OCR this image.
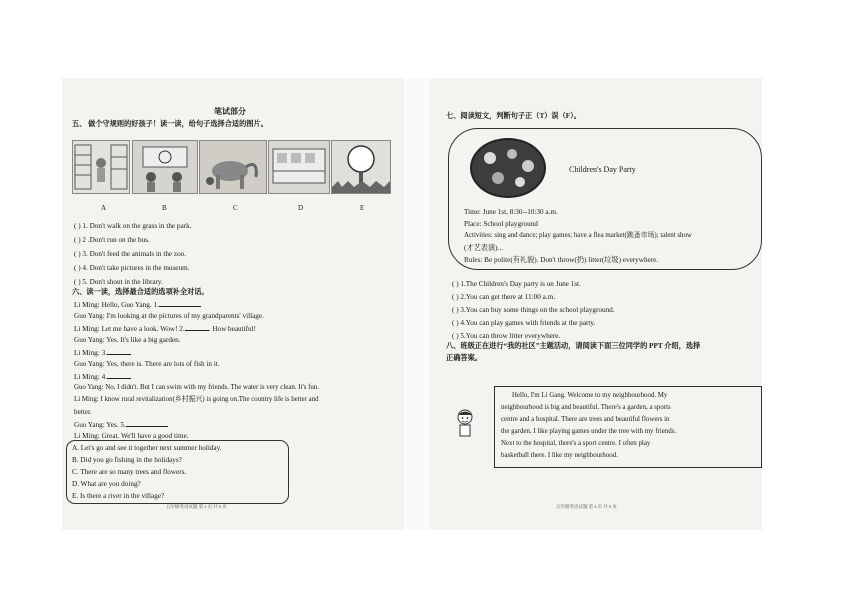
笔试部分
五、 做个守规则的好孩子！读一读，给句子选择合适的图片。
A	B	C	D	E
( ) 1. Don't walk on the grass in the park.
( ) 2 .Don't run on the bus.
( ) 3. Don't feed the animals in the zoo.
( ) 4. Don't take pictures in the museum.
( ) 5. Don't shout in the library.
六、读一读，选择最合适的选项补全对话。
Li Ming: Hello, Guo Yang. 1.
Guo Yang: I'm looking at the pictures of my grandparents' village.
Li Ming: Let me have a look. Wow! 2.	. How beautiful!
Guo Yang: Yes. It's like a big garden.
Li Ming: 3.
Guo Yang: Yes, there is. There are lots of fish in it.
Li Ming: 4.
Guo Yang: No, I didn't. But I can swim with my friends. The water is very clean. It's fun.
Li Ming: I know rural revitalization(乡村振兴) is going on.The country life is better and
better.
Guo Yang: Yes. 5.
Li Ming: Great. We'll have a good time.
A. Let's go and see it together next summer holiday.
B. Did you go fishing in the holidays?
C. There are so many trees and flowers.
D. What are you doing?
E. Is there a river in the village?
五年级英语试题 第 3 页 共 6 页
七、阅读短文，判断句子正（T）误（F）。
Children's Day Party
Time: June 1st, 8:30--10:30 a.m.
Place: School playground
Activities: sing and dance; play games; have a flea market(跳蚤市场); talent show
(才艺表演)...
Rules: Be polite(有礼貌). Don't throw(扔) litter(垃圾) everywhere.
( ) 1.The Children's Day party is on June 1st.
( ) 2.You can get there at 11:00 a.m.
( ) 3.You can buy some things on the school playground.
( ) 4.You can play games with friends at the party.
( ) 5.You can throw litter everywhere.
八、班级正在进行“我的社区”主题活动，请阅读下面三位同学的 PPT 介绍，选择
正确答案。
Hello, I'm Li Gang. Welcome to my neighbourhood. My
neighbourhood is big and beautiful. There's a garden, a sports
centre and a hospital. There are trees and beautiful flowers in
the garden. I like playing games under the tree with my friends.
Next to the hospital, there's a sport centre. I often play
basketball there. I like my neighbourhood.
五年级英语试题 第 4 页 共 6 页
